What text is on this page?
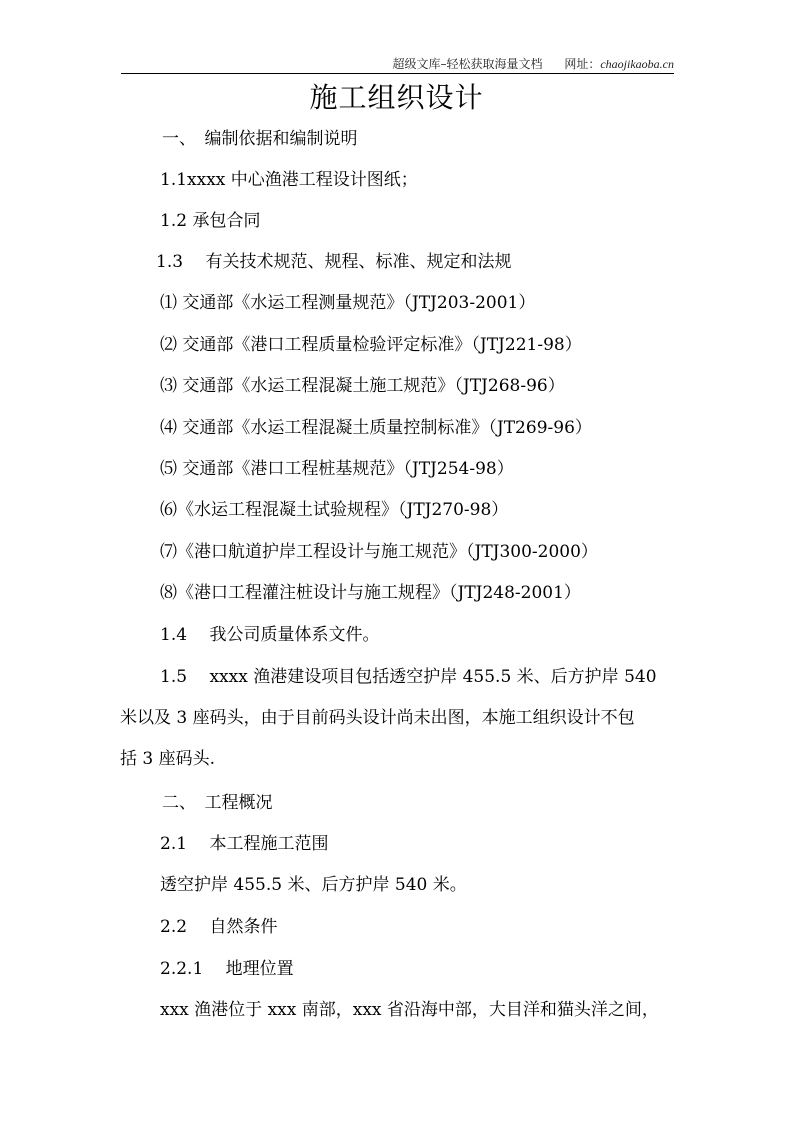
超级文库–轻松获取海量文档 网址：chaojikaoba.cn
施工组织设计
一、　编制依据和编制说明
1.1xxxx 中心渔港工程设计图纸；
1.2 承包合同
1.3　 有关技术规范、规程、标准、规定和法规
⑴ 交通部《水运工程测量规范》（JTJ203-2001）
⑵ 交通部《港口工程质量检验评定标准》（JTJ221-98）
⑶ 交通部《水运工程混凝土施工规范》（JTJ268-96）
⑷ 交通部《水运工程混凝土质量控制标准》（JT269-96）
⑸ 交通部《港口工程桩基规范》（JTJ254-98）
⑹《水运工程混凝土试验规程》（JTJ270-98）
⑺《港口航道护岸工程设计与施工规范》（JTJ300-2000）
⑻《港口工程灌注桩设计与施工规程》（JTJ248-2001）
1.4　 我公司质量体系文件。
1.5　 xxxx 渔港建设项目包括透空护岸 455.5 米、后方护岸 540
米以及 3 座码头，由于目前码头设计尚未出图，本施工组织设计不包
括 3 座码头.
二、　工程概况
2.1　 本工程施工范围
透空护岸 455.5 米、后方护岸 540 米。
2.2　 自然条件
2.2.1　 地理位置
xxx 渔港位于 xxx 南部，xxx 省沿海中部，大目洋和猫头洋之间，
